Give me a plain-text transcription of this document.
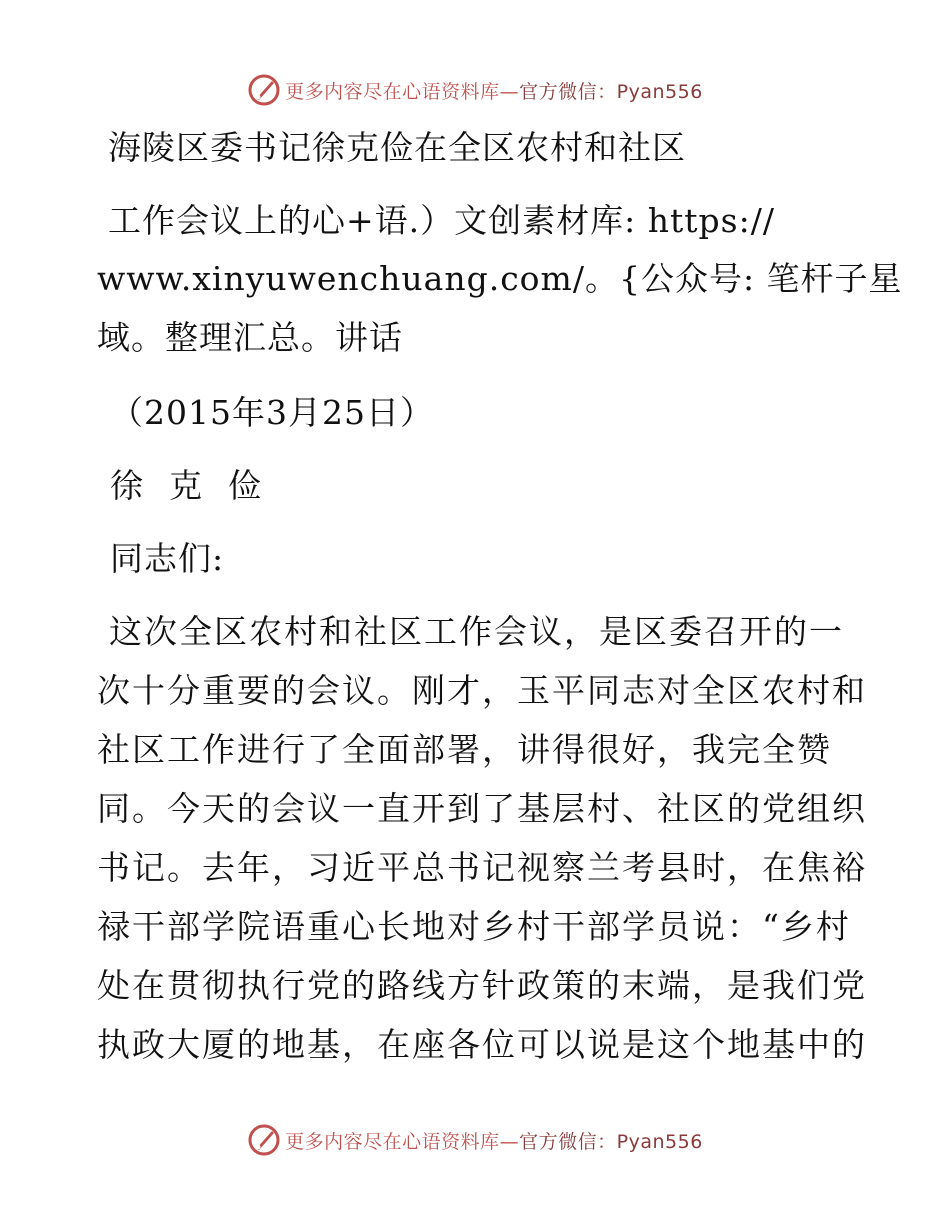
更多内容尽在心语资料库—官方微信：Pyan556
海陵区委书记徐克俭在全区农村和社区
工作会议上的心+语.）文创素材库: https://
www.xinyuwenchuang.com/。{公众号: 笔杆子星
域。整理汇总。讲话
（2015年3月25日）
徐 克 俭
同志们:
这次全区农村和社区工作会议，是区委召开的一
次十分重要的会议。刚才，玉平同志对全区农村和
社区工作进行了全面部署，讲得很好，我完全赞
同。今天的会议一直开到了基层村、社区的党组织
书记。去年，习近平总书记视察兰考县时，在焦裕
禄干部学院语重心长地对乡村干部学员说：“乡村
处在贯彻执行党的路线方针政策的末端，是我们党
执政大厦的地基，在座各位可以说是这个地基中的
更多内容尽在心语资料库—官方微信：Pyan556
